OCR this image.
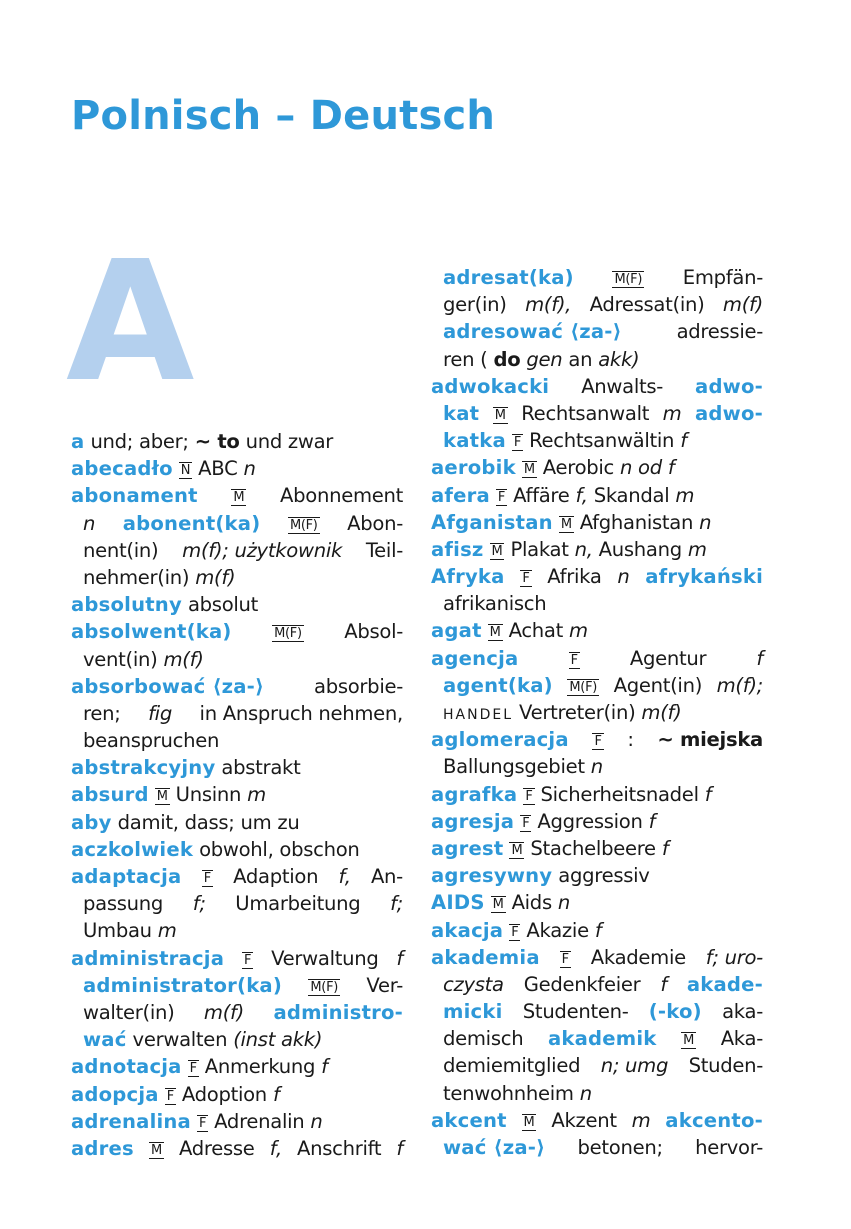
Polnisch – Deutsch
A
a und; aber; ~ to und zwar
abecadło N ABC n
abonament	M Abonnement
n abonent(ka) M(F) Abon-
nent(in) m(f); użytkownik Teil-
nehmer(in) m(f)
absolutny absolut
absolwent(ka)	M(F) Absol-
vent(in) m(f)
absorbować ⟨za-⟩	absorbie-
ren; fig in Anspruch nehmen,
beanspruchen
abstrakcyjny abstrakt
absurd M Unsinn m
aby damit, dass; um zu
aczkolwiek obwohl, obschon
adaptacja F Adaption f, An-
passung f; Umarbeitung f;
Umbau m
administracja F Verwaltung f
administrator(ka) M(F) Ver-
walter(in) m(f) administro-
wać verwalten (inst akk)
adnotacja F Anmerkung f
adopcja F Adoption f
adrenalina F Adrenalin n
adres M Adresse f, Anschrift f
adresat(ka)	M(F) Empfän-
ger(in) m(f), Adressat(in) m(f)
adresować ⟨za-⟩	adressie-
ren ( do gen an akk)
adwokacki Anwalts- adwo-
kat M Rechtsanwalt m adwo-
katka F Rechtsanwältin f
aerobik M Aerobic n od f
afera F Affäre f, Skandal m
Afganistan M Afghanistan n
afisz M Plakat n, Aushang m
Afryka F Afrika n afrykański
afrikanisch
agat M Achat m
agencja	F	Agentur	f
agent(ka) M(F) Agent(in) m(f);
HANDEL Vertreter(in) m(f)
aglomeracja F : ~ miejska
Ballungsgebiet n
agrafka F Sicherheitsnadel f
agresja F Aggression f
agrest M Stachelbeere f
agresywny aggressiv
AIDS M Aids n
akacja F Akazie f
akademia F Akademie f; uro-
czysta Gedenkfeier f akade-
micki Studenten- (-ko) aka-
demisch akademik M Aka-
demiemitglied n; umg Studen-
tenwohnheim n
akcent M Akzent m akcento-
wać ⟨za-⟩ betonen; hervor-
